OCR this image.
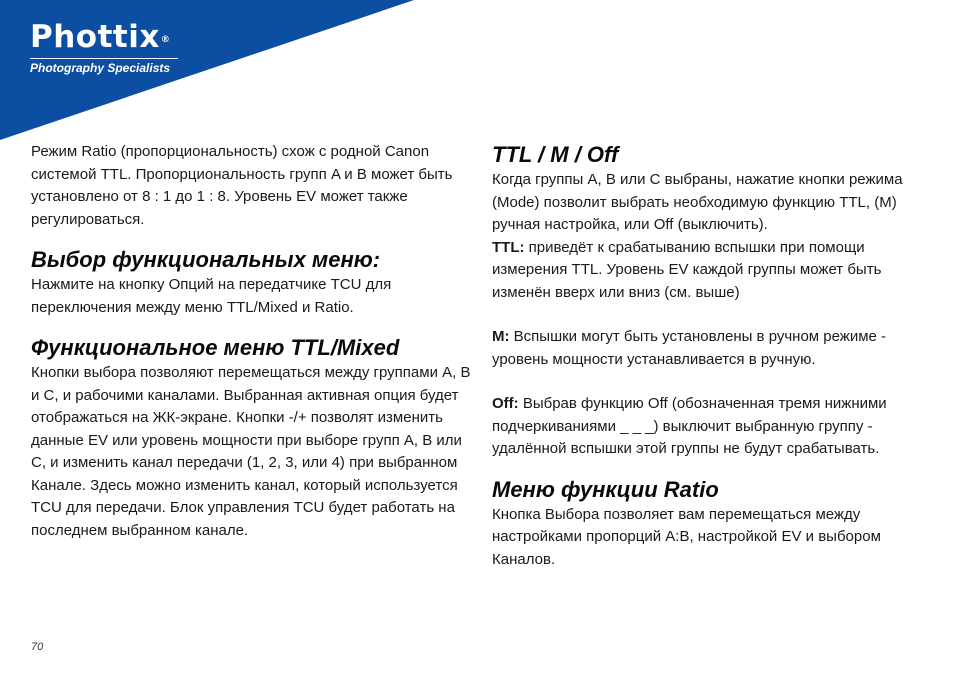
Phottix®
Photography Specialists

Режим Ratio (пропорциональность) схож с родной Canon системой TTL. Пропорциональность групп A и B может быть установлено от 8 : 1 до 1 : 8. Уровень EV может также регулироваться.

Выбор функциональных меню:

Нажмите на кнопку Опций на передатчике TCU для переключения между меню TTL/Mixed и Ratio.

Функциональное меню TTL/Mixed

Кнопки выбора позволяют перемещаться между группами A, B и C, и рабочими каналами. Выбранная активная опция будет отображаться на ЖК-экране. Кнопки -/+ позволят изменить данные EV или уровень мощности при выборе групп A, B или C, и изменить канал передачи (1, 2, 3, или 4) при выбранном Канале. Здесь можно изменить канал, который используется TCU для передачи. Блок управления TCU будет работать на последнем выбранном канале.

TTL / M / Off

Когда группы A, B или C выбраны, нажатие кнопки режима (Mode) позволит выбрать необходимую функцию TTL, (M) ручная настройка, или Off (выключить).

TTL: приведёт к срабатыванию вспышки при помощи измерения TTL. Уровень EV каждой группы может быть изменён вверх или вниз (см. выше)

M: Вспышки могут быть установлены в ручном режиме - уровень мощности устанавливается в ручную.

Off: Выбрав функцию Off (обозначенная тремя нижними подчеркиваниями _ _ _) выключит выбранную группу - удалённой вспышки этой группы не будут срабатывать.

Меню функции Ratio

Кнопка Выбора позволяет вам перемещаться между настройками пропорций A:B, настройкой EV и выбором Каналов.

70
